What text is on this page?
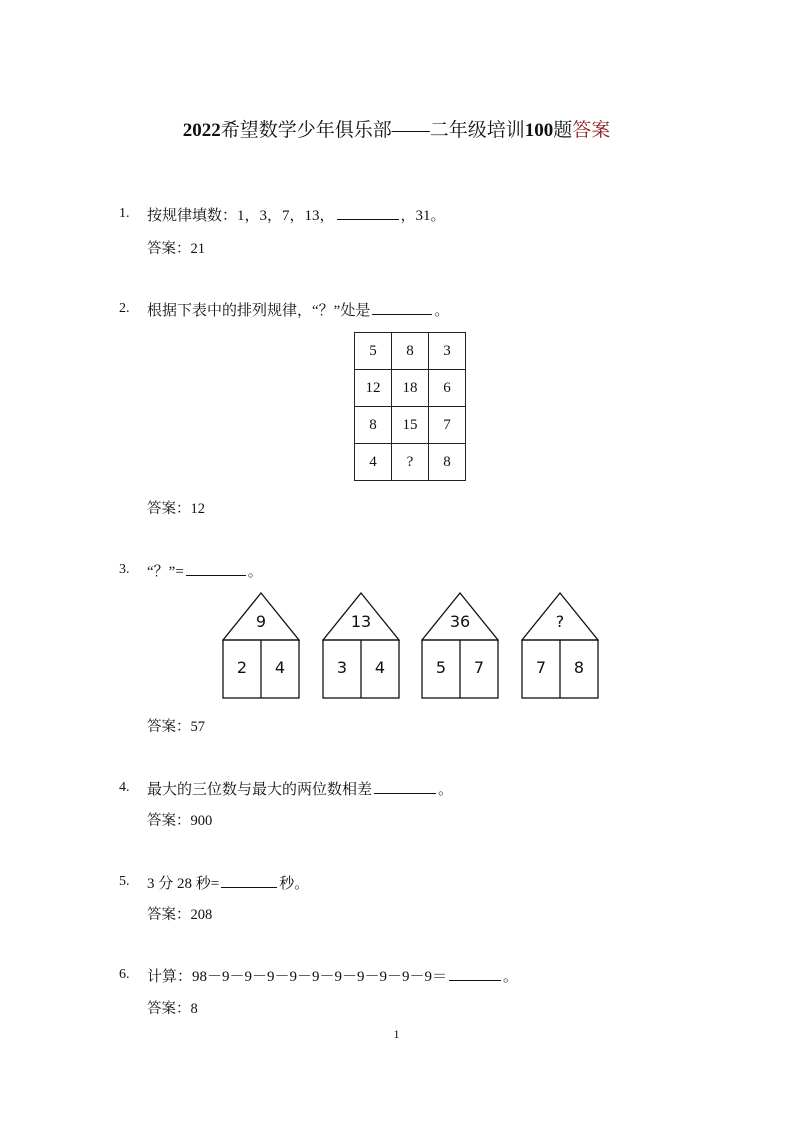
2022希望数学少年俱乐部——二年级培训100题答案
1. 按规律填数：1，3，7，13，	，31。
答案：21
2. 根据下表中的排列规律，“？”处是	。
5	8	3
12	18	6
8	15	7
4	?	8
答案：12
3. “？”=	。
9
2	4
13
3	4
36
5	7
?
7	8
答案：57
4. 最大的三位数与最大的两位数相差	。
答案：900
5. 3 分 28 秒=	秒。
答案：208
6. 计算：98－9－9－9－9－9－9－9－9－9－9＝	。
答案：8
1
